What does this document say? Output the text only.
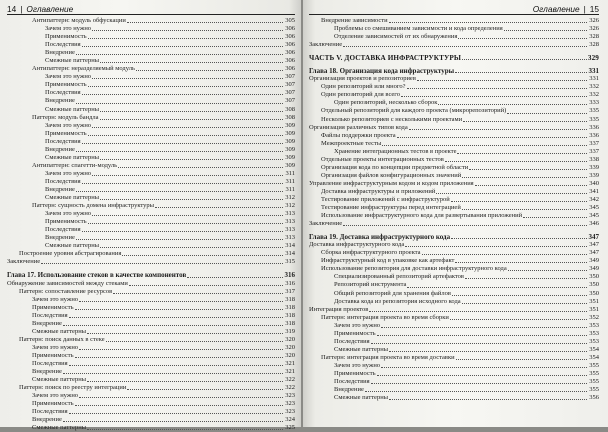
14 | Оглавление
Антипаттерн: модуль обфускации	305
Зачем это нужно	306
Применимость	306
Последствия	306
Внедрение	306
Смежные паттерны	306
Антипаттерн: неразделяемый модуль	306
Зачем это нужно	307
Применимость	307
Последствия	307
Внедрение	307
Смежные паттерны	308
Паттерн: модуль бандла	308
Зачем это нужно	309
Применимость	309
Последствия	309
Внедрение	309
Смежные паттерны	309
Антипаттерн: спагетти-модуль	309
Зачем это нужно	311
Последствия	311
Внедрение	311
Смежные паттерны	312
Паттерн: сущность домена инфраструктуры	312
Зачем это нужно	313
Применимость	313
Последствия	313
Внедрение	313
Смежные паттерны	314
Построение уровня абстрагирования	314
Заключение	315
Глава 17. Использование стеков в качестве компонентов	316
Обнаружение зависимостей между стеками	316
Паттерн: сопоставление ресурсов	317
Зачем это нужно	318
Применимость	318
Последствия	318
Внедрение	318
Смежные паттерны	319
Паттерн: поиск данных в стеке	320
Зачем это нужно	320
Применимость	320
Последствия	321
Внедрение	321
Смежные паттерны	322
Паттерн: поиск по реестру интеграции	322
Зачем это нужно	323
Применимость	323
Последствия	323
Внедрение	324
Смежные паттерны	325
Оглавление | 15
Внедрение зависимости	326
Проблемы со смешиванием зависимости и кода определения	326
Отделение зависимостей от их обнаружения	328
Заключение	328
ЧАСТЬ V. ДОСТАВКА ИНФРАСТРУКТУРЫ	329
Глава 18. Организация кода инфраструктуры	331
Организация проектов и репозиториев	331
Один репозиторий или много?	332
Один репозиторий для всего	332
Один репозиторий, несколько сборок	333
Отдельный репозиторий для каждого проекта (микрорепозиторий)	335
Несколько репозиториев с несколькими проектами	335
Организация различных типов кода	336
Файлы поддержки проекта	336
Межпроектные тесты	337
Хранение интеграционных тестов в проекте	337
Отдельные проекты интеграционных тестов	338
Организация кода по концепции предметной области	339
Организация файлов конфигурационных значений	339
Управление инфраструктурным кодом и кодом приложения	340
Доставка инфраструктуры и приложений	341
Тестирование приложений с инфраструктурой	342
Тестирование инфраструктуры перед интеграцией	345
Использование инфраструктурного кода для развертывания приложений	345
Заключение	346
Глава 19. Доставка инфраструктурного кода	347
Доставка инфраструктурного кода	347
Сборка инфраструктурного проекта	347
Инфраструктурный код в упаковке как артефакт	349
Использование репозитория для доставки инфраструктурного кода	349
Специализированный репозиторий артефактов	350
Репозиторий инструмента	350
Общий репозиторий для хранения файлов	350
Доставка кода из репозитория исходного кода	351
Интеграция проектов	351
Паттерн: интеграция проекта во время сборки	352
Зачем это нужно	353
Применимость	353
Последствия	353
Смежные паттерны	354
Паттерн: интеграция проекта во время доставки	354
Зачем это нужно	355
Применимость	355
Последствия	355
Внедрение	355
Смежные паттерны	356
